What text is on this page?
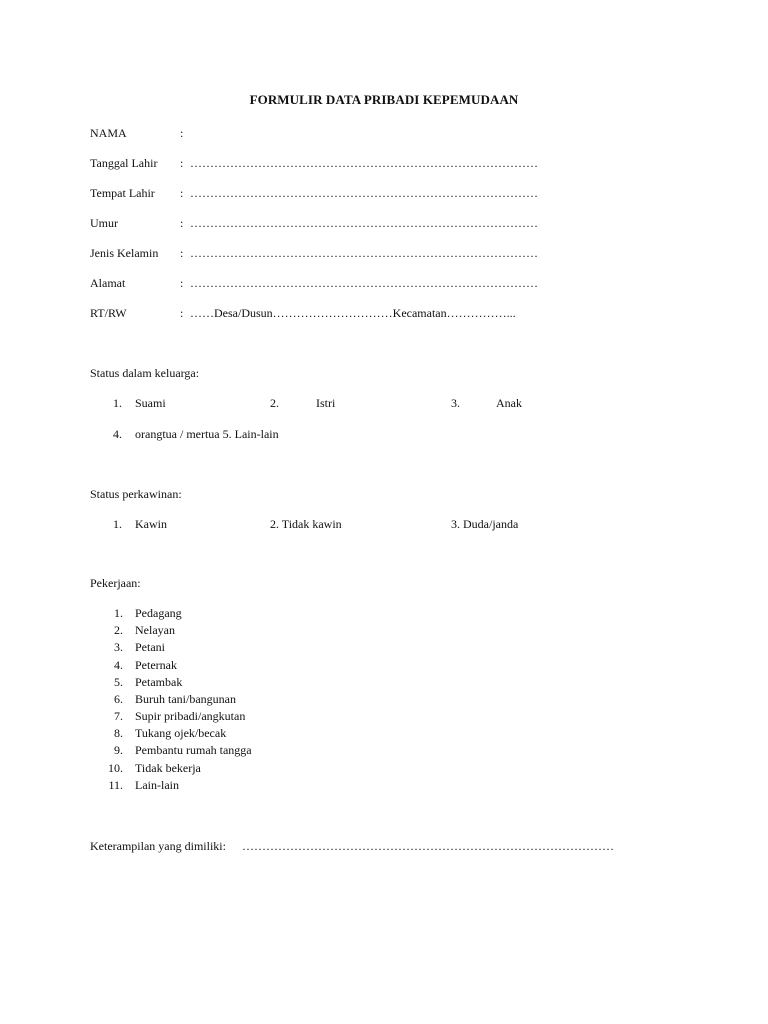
FORMULIR DATA PRIBADI KEPEMUDAAN
NAMA	:
Tanggal Lahir	: ……………………………………………………………………………
Tempat Lahir	: ……………………………………………………………………………
Umur	: ……………………………………………………………………………
Jenis Kelamin	: ……………………………………………………………………………
Alamat	: ……………………………………………………………………………
RT/RW	: ……Desa/Dusun…………………………Kecamatan……………...
Status dalam keluarga:
1. Suami	2.	Istri	3.	Anak
4. orangtua / mertua 5. Lain-lain
Status perkawinan:
1. Kawin	2. Tidak kawin	3. Duda/janda
Pekerjaan:
1. Pedagang
2. Nelayan
3. Petani
4. Peternak
5. Petambak
6. Buruh tani/bangunan
7. Supir pribadi/angkutan
8. Tukang ojek/becak
9. Pembantu rumah tangga
10. Tidak bekerja
11. Lain-lain
Keterampilan yang dimiliki: …………………………………………………………………………………
